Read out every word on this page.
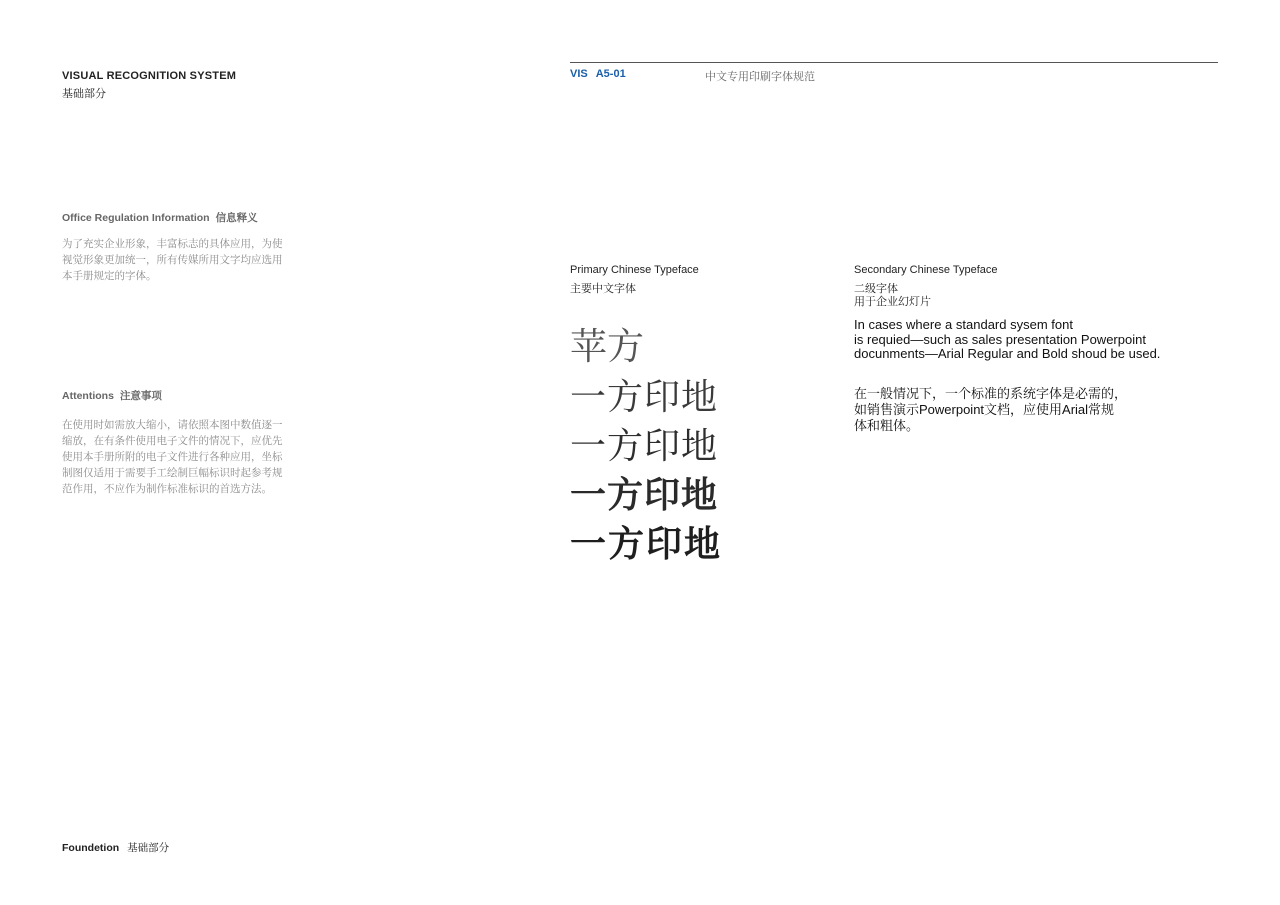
VISUAL RECOGNITION SYSTEM
基础部分
Office Regulation Information 信息释义
为了充实企业形象，丰富标志的具体应用，为使
视觉形象更加统一，所有传媒所用文字均应选用
本手册规定的字体。
Attentions 注意事项
在使用时如需放大缩小，请依照本图中数值逐一
缩放，在有条件使用电子文件的情况下，应优先
使用本手册所附的电子文件进行各种应用，坐标
制图仅适用于需要手工绘制巨幅标识时起参考规
范作用，不应作为制作标准标识的首选方法。
Foundetion 基础部分
VIS A5-01	中文专用印刷字体规范
Primary Chinese Typeface
主要中文字体
苹方
一方印地
一方印地
一方印地
一方印地
Secondary Chinese Typeface
二级字体
用于企业幻灯片
In cases where a standard sysem font
is requied—such as sales presentation Powerpoint
docunments—Arial Regular and Bold shoud be used.
在一般情况下，一个标准的系统字体是必需的，
如销售演示Powerpoint文档，应使用Arial常规
体和粗体。
